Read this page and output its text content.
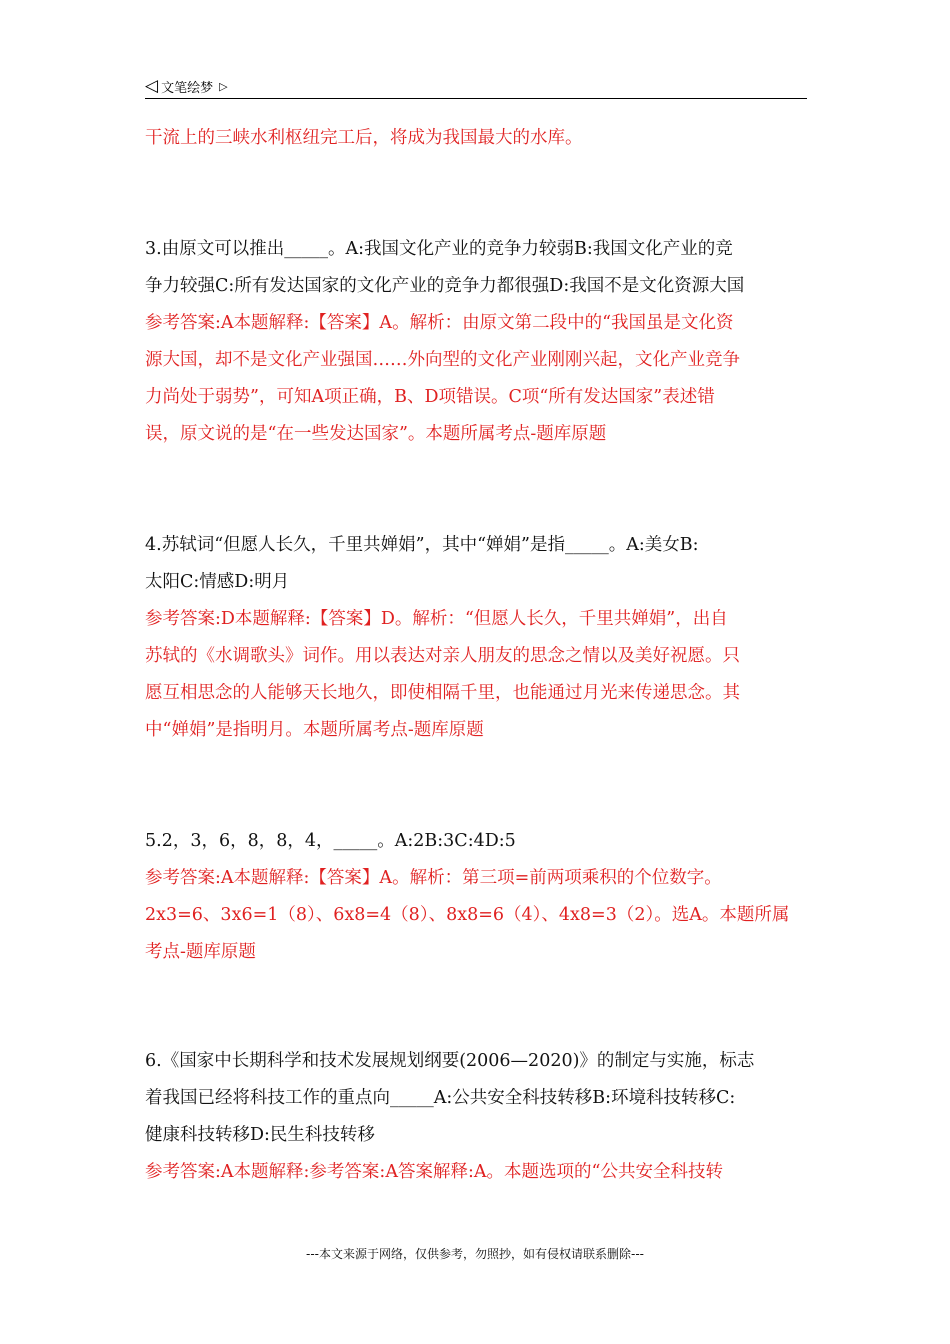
◁ 文笔绘梦 ▷
干流上的三峡水利枢纽完工后，将成为我国最大的水库。
3.由原文可以推出_____。A:我国文化产业的竞争力较弱B:我国文化产业的竞
争力较强C:所有发达国家的文化产业的竞争力都很强D:我国不是文化资源大国
参考答案:A本题解释:【答案】A。解析：由原文第二段中的“我国虽是文化资
源大国，却不是文化产业强国……外向型的文化产业刚刚兴起，文化产业竞争
力尚处于弱势”，可知A项正确，B、D项错误。C项“所有发达国家”表述错
误，原文说的是“在一些发达国家”。本题所属考点-题库原题
4.苏轼词“但愿人长久，千里共婵娟”，其中“婵娟”是指_____。A:美女B:
太阳C:情感D:明月
参考答案:D本题解释:【答案】D。解析：“但愿人长久，千里共婵娟”，出自
苏轼的《水调歌头》词作。用以表达对亲人朋友的思念之情以及美好祝愿。只
愿互相思念的人能够天长地久，即使相隔千里，也能通过月光来传递思念。其
中“婵娟”是指明月。本题所属考点-题库原题
5.2，3，6，8，8，4，_____。A:2B:3C:4D:5
参考答案:A本题解释:【答案】A。解析：第三项=前两项乘积的个位数字。
2x3=6、3x6=1（8）、6x8=4（8）、8x8=6（4）、4x8=3（2）。选A。本题所属
考点-题库原题
6.《国家中长期科学和技术发展规划纲要(2006—2020)》的制定与实施，标志
着我国已经将科技工作的重点向_____A:公共安全科技转移B:环境科技转移C:
健康科技转移D:民生科技转移
参考答案:A本题解释:参考答案:A答案解释:A。本题选项的“公共安全科技转
---本文来源于网络，仅供参考，勿照抄，如有侵权请联系删除---
